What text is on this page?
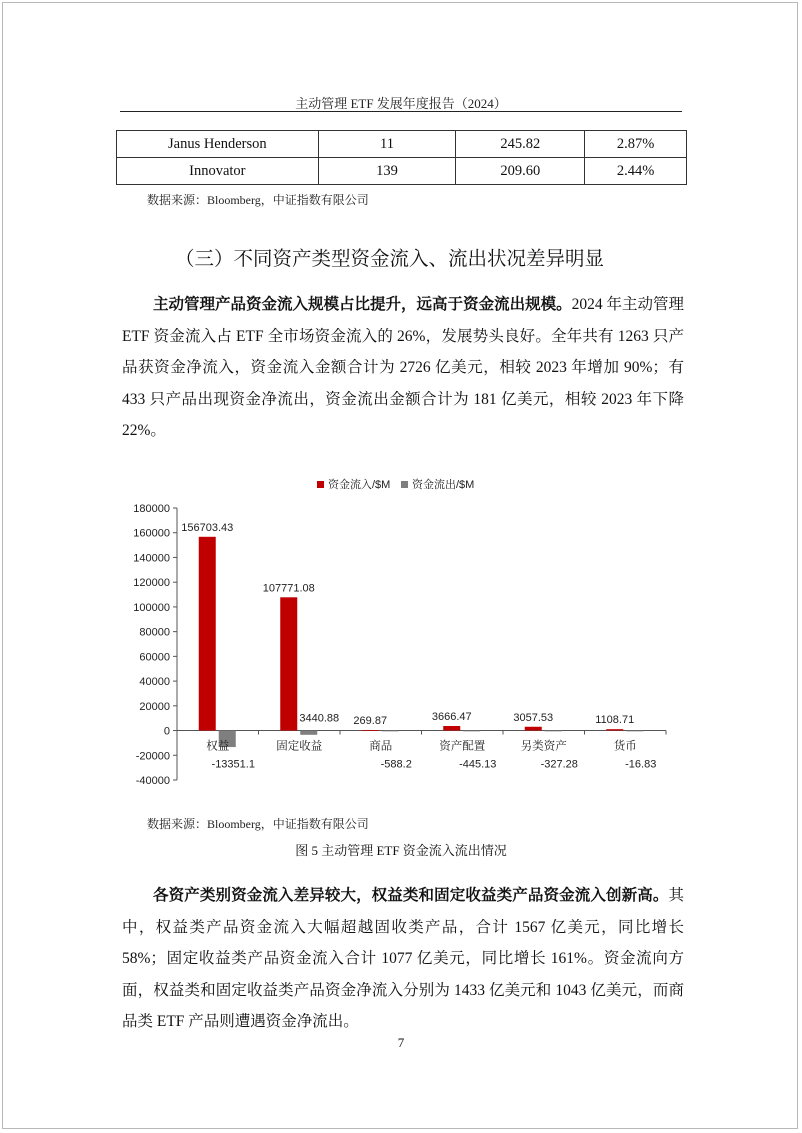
主动管理 ETF 发展年度报告（2024）
Janus Henderson	11	245.82	2.87%
Innovator	139	209.60	2.44%
数据来源：Bloomberg，中证指数有限公司
（三）不同资产类型资金流入、流出状况差异明显

主动管理产品资金流入规模占比提升，远高于资金流出规模。2024 年主动管理 ETF 资金流入占 ETF 全市场资金流入的 26%，发展势头良好。全年共有 1263 只产品获资金净流入，资金流入金额合计为 2726 亿美元，相较 2023 年增加 90%；有 433 只产品出现资金净流出，资金流出金额合计为 181 亿美元，相较 2023 年下降 22%。

资金流入/$M 资金流出/$M
180000
160000
140000
120000
100000
80000
60000
40000
20000
0
-20000
-40000
156703.43
权益
-13351.1
107771.08
固定收益
3440.88 269.87
商品
-588.2
3666.47
资产配置
-445.13
3057.53
另类资产
-327.28
1108.71
货币
-16.83
数据来源：Bloomberg，中证指数有限公司
图 5 主动管理 ETF 资金流入流出情况

各资产类别资金流入差异较大，权益类和固定收益类产品资金流入创新高。其中，权益类产品资金流入大幅超越固收类产品，合计 1567 亿美元，同比增长 58%；固定收益类产品资金流入合计 1077 亿美元，同比增长 161%。资金流向方面，权益类和固定收益类产品资金净流入分别为 1433 亿美元和 1043 亿美元，而商品类 ETF 产品则遭遇资金净流出。

7
